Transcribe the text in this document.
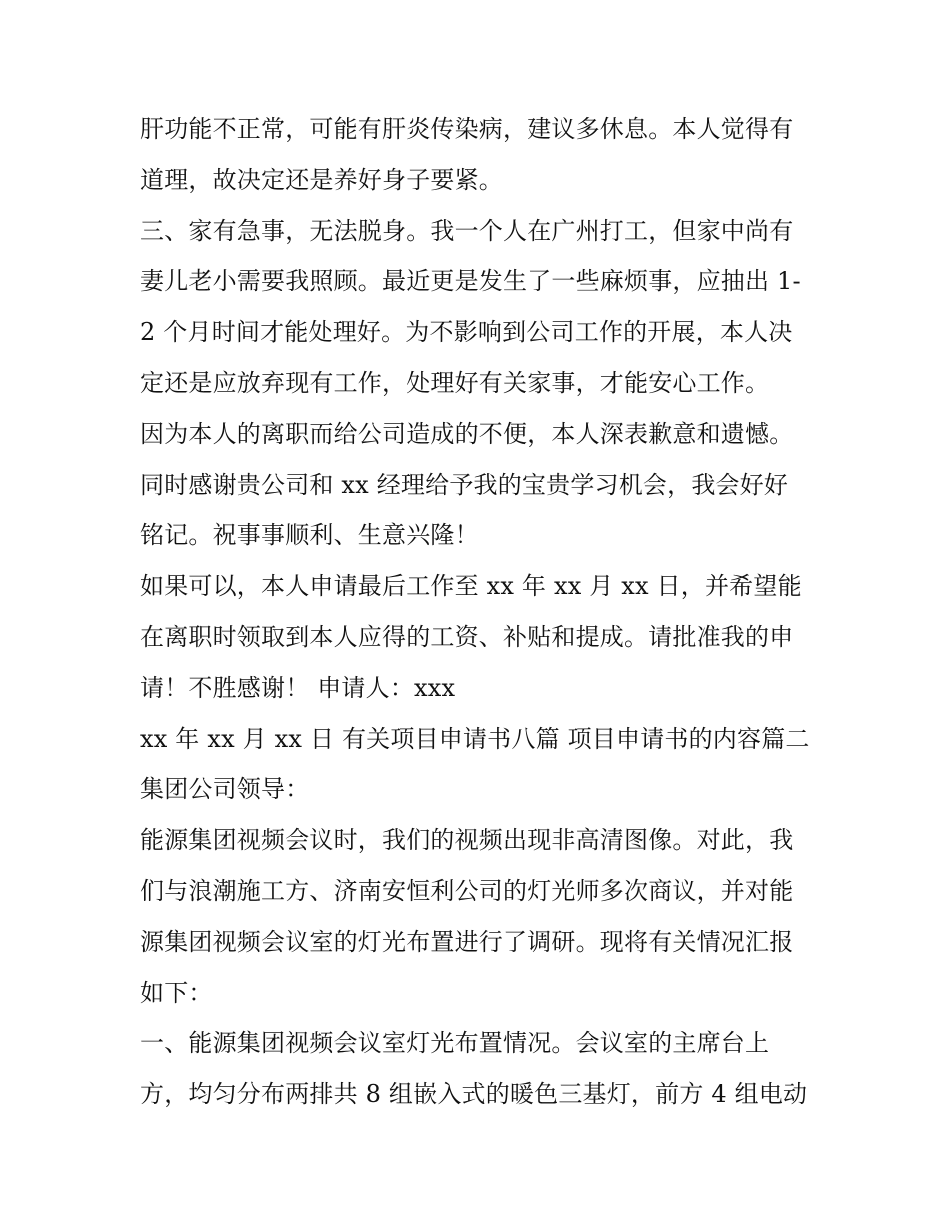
肝功能不正常，可能有肝炎传染病，建议多休息。本人觉得有
道理，故决定还是养好身子要紧。
三、家有急事，无法脱身。我一个人在广州打工，但家中尚有
妻儿老小需要我照顾。最近更是发生了一些麻烦事，应抽出 1-
2 个月时间才能处理好。为不影响到公司工作的开展，本人决
定还是应放弃现有工作，处理好有关家事，才能安心工作。
因为本人的离职而给公司造成的不便，本人深表歉意和遗憾。
同时感谢贵公司和 xx 经理给予我的宝贵学习机会，我会好好
铭记。祝事事顺利、生意兴隆！
如果可以，本人申请最后工作至 xx 年 xx 月 xx 日，并希望能
在离职时领取到本人应得的工资、补贴和提成。请批准我的申
请！不胜感谢！ 申请人：xxx
xx 年 xx 月 xx 日 有关项目申请书八篇 项目申请书的内容篇二
集团公司领导：
能源集团视频会议时，我们的视频出现非高清图像。对此，我
们与浪潮施工方、济南安恒利公司的灯光师多次商议，并对能
源集团视频会议室的灯光布置进行了调研。现将有关情况汇报
如下：
一、能源集团视频会议室灯光布置情况。会议室的主席台上
方，均匀分布两排共 8 组嵌入式的暖色三基灯，前方 4 组电动
